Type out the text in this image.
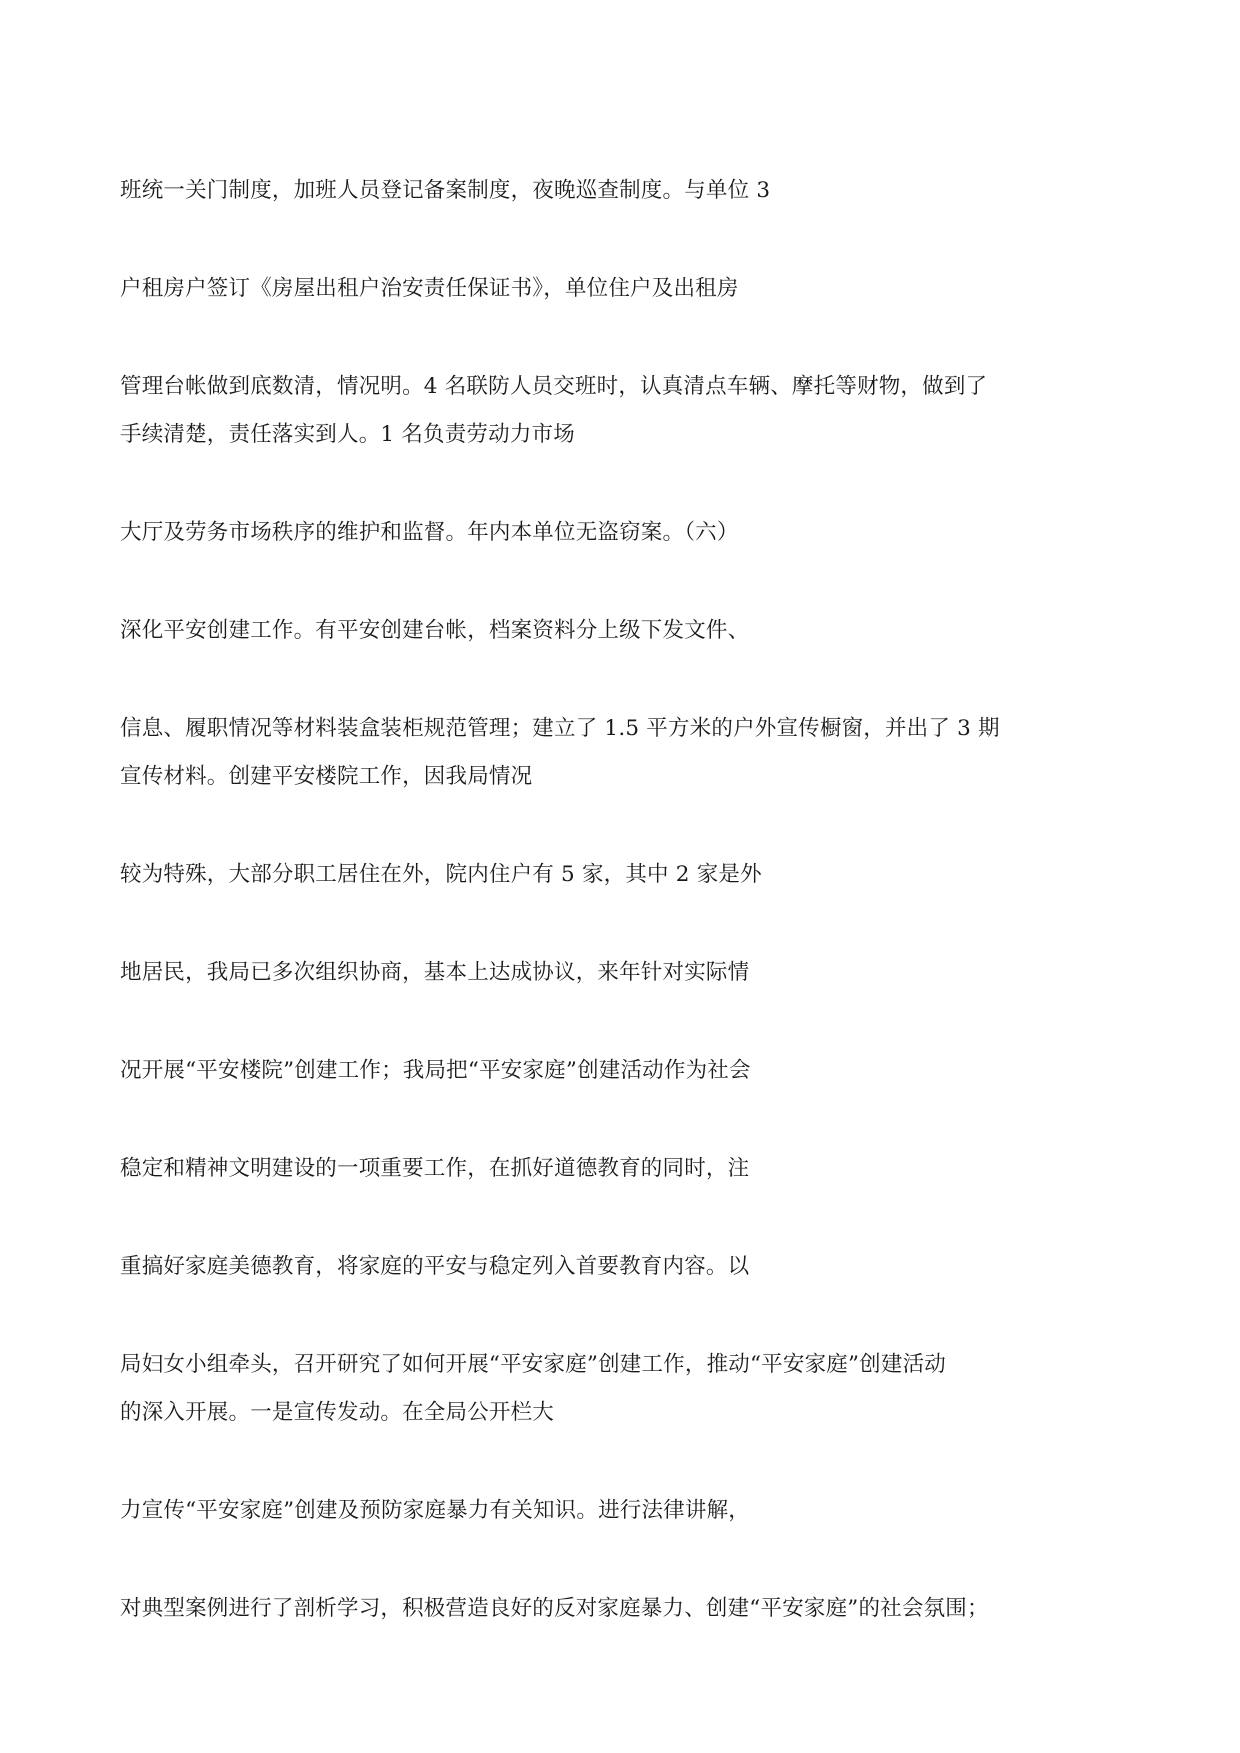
班统一关门制度，加班人员登记备案制度，夜晚巡查制度。与单位 3

户租房户签订《房屋出租户治安责任保证书》，单位住户及出租房

管理台帐做到底数清，情况明。4 名联防人员交班时，认真清点车辆、摩托等财物，做到了

手续清楚，责任落实到人。1 名负责劳动力市场

大厅及劳务市场秩序的维护和监督。年内本单位无盗窃案。（六）

深化平安创建工作。有平安创建台帐，档案资料分上级下发文件、

信息、履职情况等材料装盒装柜规范管理；建立了 1.5 平方米的户外宣传橱窗，并出了 3 期

宣传材料。创建平安楼院工作，因我局情况

较为特殊，大部分职工居住在外，院内住户有 5 家，其中 2 家是外

地居民，我局已多次组织协商，基本上达成协议，来年针对实际情

况开展“平安楼院”创建工作；我局把“平安家庭”创建活动作为社会

稳定和精神文明建设的一项重要工作，在抓好道德教育的同时，注

重搞好家庭美德教育，将家庭的平安与稳定列入首要教育内容。以

局妇女小组牵头，召开研究了如何开展“平安家庭”创建工作，推动“平安家庭”创建活动

的深入开展。一是宣传发动。在全局公开栏大

力宣传“平安家庭”创建及预防家庭暴力有关知识。进行法律讲解，

对典型案例进行了剖析学习，积极营造良好的反对家庭暴力、创建“平安家庭”的社会氛围；
